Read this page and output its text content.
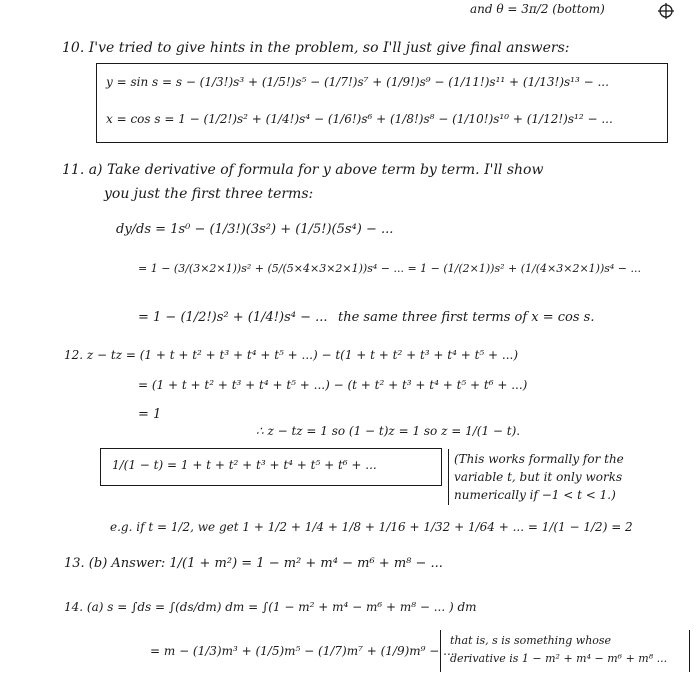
and θ = 3π/2 (bottom)
10. I've tried to give hints in the problem, so I'll just give final answers:
y = sin s = s − (1/3!)s³ + (1/5!)s⁵ − (1/7!)s⁷ + (1/9!)s⁹ − (1/11!)s¹¹ + (1/13!)s¹³ − ...
x = cos s = 1 − (1/2!)s² + (1/4!)s⁴ − (1/6!)s⁶ + (1/8!)s⁸ − (1/10!)s¹⁰ + (1/12!)s¹² − ...
11. a) Take derivative of formula for y above term by term. I'll show
you just the first three terms:
dy/ds = 1s⁰ − (1/3!)(3s²) + (1/5!)(5s⁴) − ...
= 1 − (3/(3×2×1))s² + (5/(5×4×3×2×1))s⁴ − ... = 1 − (1/(2×1))s² + (1/(4×3×2×1))s⁴ − ...
= 1 − (1/2!)s² + (1/4!)s⁴ − ... the same three first terms of x = cos s.
12. z − tz = (1 + t + t² + t³ + t⁴ + t⁵ + ...) − t(1 + t + t² + t³ + t⁴ + t⁵ + ...)
= (1 + t + t² + t³ + t⁴ + t⁵ + ...) − (t + t² + t³ + t⁴ + t⁵ + t⁶ + ...)
= 1
∴ z − tz = 1 so (1 − t)z = 1 so z = 1/(1 − t).
1/(1 − t) = 1 + t + t² + t³ + t⁴ + t⁵ + t⁶ + ...	(This works formally for the
variable t, but it only works
numerically if −1 < t < 1.)
e.g. if t = 1/2, we get 1 + 1/2 + 1/4 + 1/8 + 1/16 + 1/32 + 1/64 + ... = 1/(1 − 1/2) = 2
13. (b) Answer: 1/(1 + m²) = 1 − m² + m⁴ − m⁶ + m⁸ − ...
14. (a) s = ∫ds = ∫(ds/dm) dm = ∫(1 − m² + m⁴ − m⁶ + m⁸ − ... ) dm
= m − (1/3)m³ + (1/5)m⁵ − (1/7)m⁷ + (1/9)m⁹ − ...
that is, s is something whose
derivative is 1 − m² + m⁴ − m⁶ + m⁸ ...
